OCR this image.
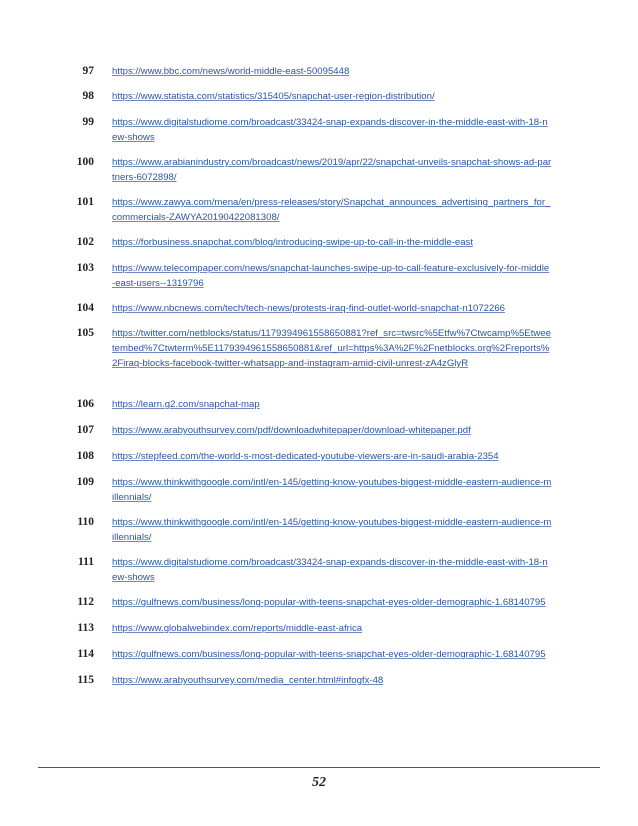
97 https://www.bbc.com/news/world-middle-east-50095448
98 https://www.statista.com/statistics/315405/snapchat-user-region-distribution/
99 https://www.digitalstudiome.com/broadcast/33424-snap-expands-discover-in-the-middle-east-with-18-new-shows
100 https://www.arabianindustry.com/broadcast/news/2019/apr/22/snapchat-unveils-snapchat-shows-ad-partners-6072898/
101 https://www.zawya.com/mena/en/press-releases/story/Snapchat_announces_advertising_partners_for_commercials-ZAWYA20190422081308/
102 https://forbusiness.snapchat.com/blog/introducing-swipe-up-to-call-in-the-middle-east
103 https://www.telecompaper.com/news/snapchat-launches-swipe-up-to-call-feature-exclusively-for-middle-east-users--1319796
104 https://www.nbcnews.com/tech/tech-news/protests-iraq-find-outlet-world-snapchat-n1072266
105 https://twitter.com/netblocks/status/1179394961558650881?ref_src=twsrc%5Etfw%7Ctwcamp%5Etweetembed%7Ctwterm%5E1179394961558650881&ref_url=https%3A%2F%2Fnetblocks.org%2Freports%2Firaq-blocks-facebook-twitter-whatsapp-and-instagram-amid-civil-unrest-zA4zGlyR
106 https://learn.g2.com/snapchat-map
107 https://www.arabyouthsurvey.com/pdf/downloadwhitepaper/download-whitepaper.pdf
108 https://stepfeed.com/the-world-s-most-dedicated-youtube-viewers-are-in-saudi-arabia-2354
109 https://www.thinkwithgoogle.com/intl/en-145/getting-know-youtubes-biggest-middle-eastern-audience-millennials/
110 https://www.thinkwithgoogle.com/intl/en-145/getting-know-youtubes-biggest-middle-eastern-audience-millennials/
111 https://www.digitalstudiome.com/broadcast/33424-snap-expands-discover-in-the-middle-east-with-18-new-shows
112 https://gulfnews.com/business/long-popular-with-teens-snapchat-eyes-older-demographic-1.68140795
113 https://www.globalwebindex.com/reports/middle-east-africa
114 https://gulfnews.com/business/long-popular-with-teens-snapchat-eyes-older-demographic-1.68140795
115 https://www.arabyouthsurvey.com/media_center.html#infogfx-48
52
